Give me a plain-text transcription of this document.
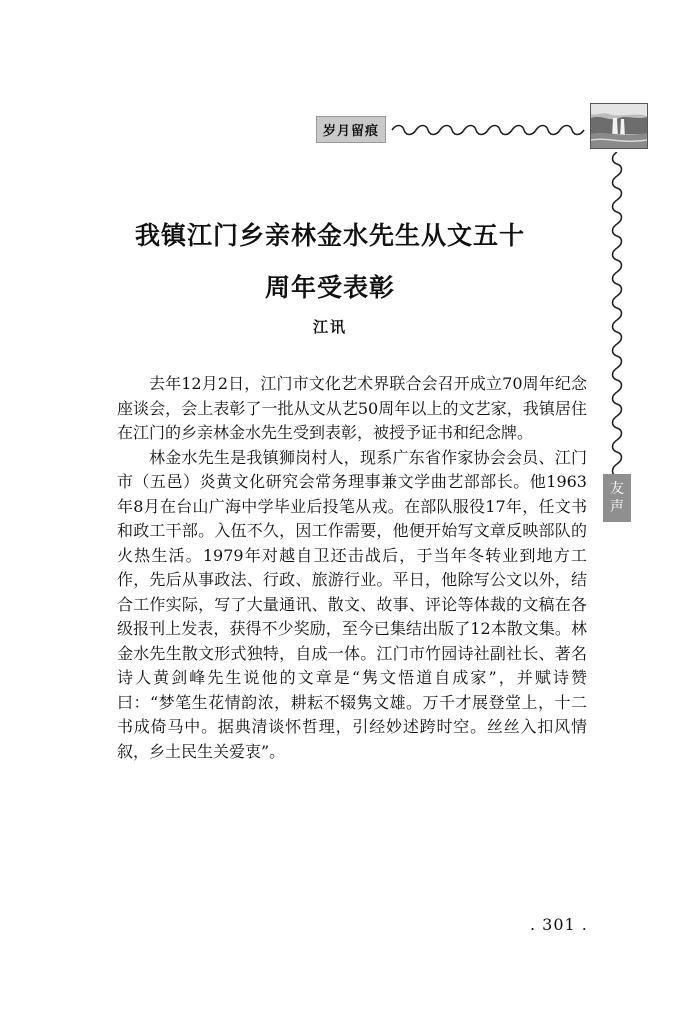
岁月留痕
友
声
我镇江门乡亲林金水先生从文五十
周年受表彰
江讯

去年12月2日，江门市文化艺术界联合会召开成立70周年纪念座谈会，会上表彰了一批从文从艺50周年以上的文艺家，我镇居住在江门的乡亲林金水先生受到表彰，被授予证书和纪念牌。

林金水先生是我镇狮岗村人，现系广东省作家协会会员、江门市（五邑）炎黄文化研究会常务理事兼文学曲艺部部长。他1963年8月在台山广海中学毕业后投笔从戎。在部队服役17年，任文书和政工干部。入伍不久，因工作需要，他便开始写文章反映部队的火热生活。1979年对越自卫还击战后，于当年冬转业到地方工作，先后从事政法、行政、旅游行业。平日，他除写公文以外，结合工作实际，写了大量通讯、散文、故事、评论等体裁的文稿在各级报刊上发表，获得不少奖励，至今已集结出版了12本散文集。林金水先生散文形式独特，自成一体。江门市竹园诗社副社长、著名诗人黄剑峰先生说他的文章是“隽文悟道自成家”，并赋诗赞曰：“梦笔生花情韵浓，耕耘不辍隽文雄。万千才展登堂上，十二书成倚马中。据典清谈怀哲理，引经妙述跨时空。丝丝入扣风情叙，乡土民生关爱衷”。

. 301 .
